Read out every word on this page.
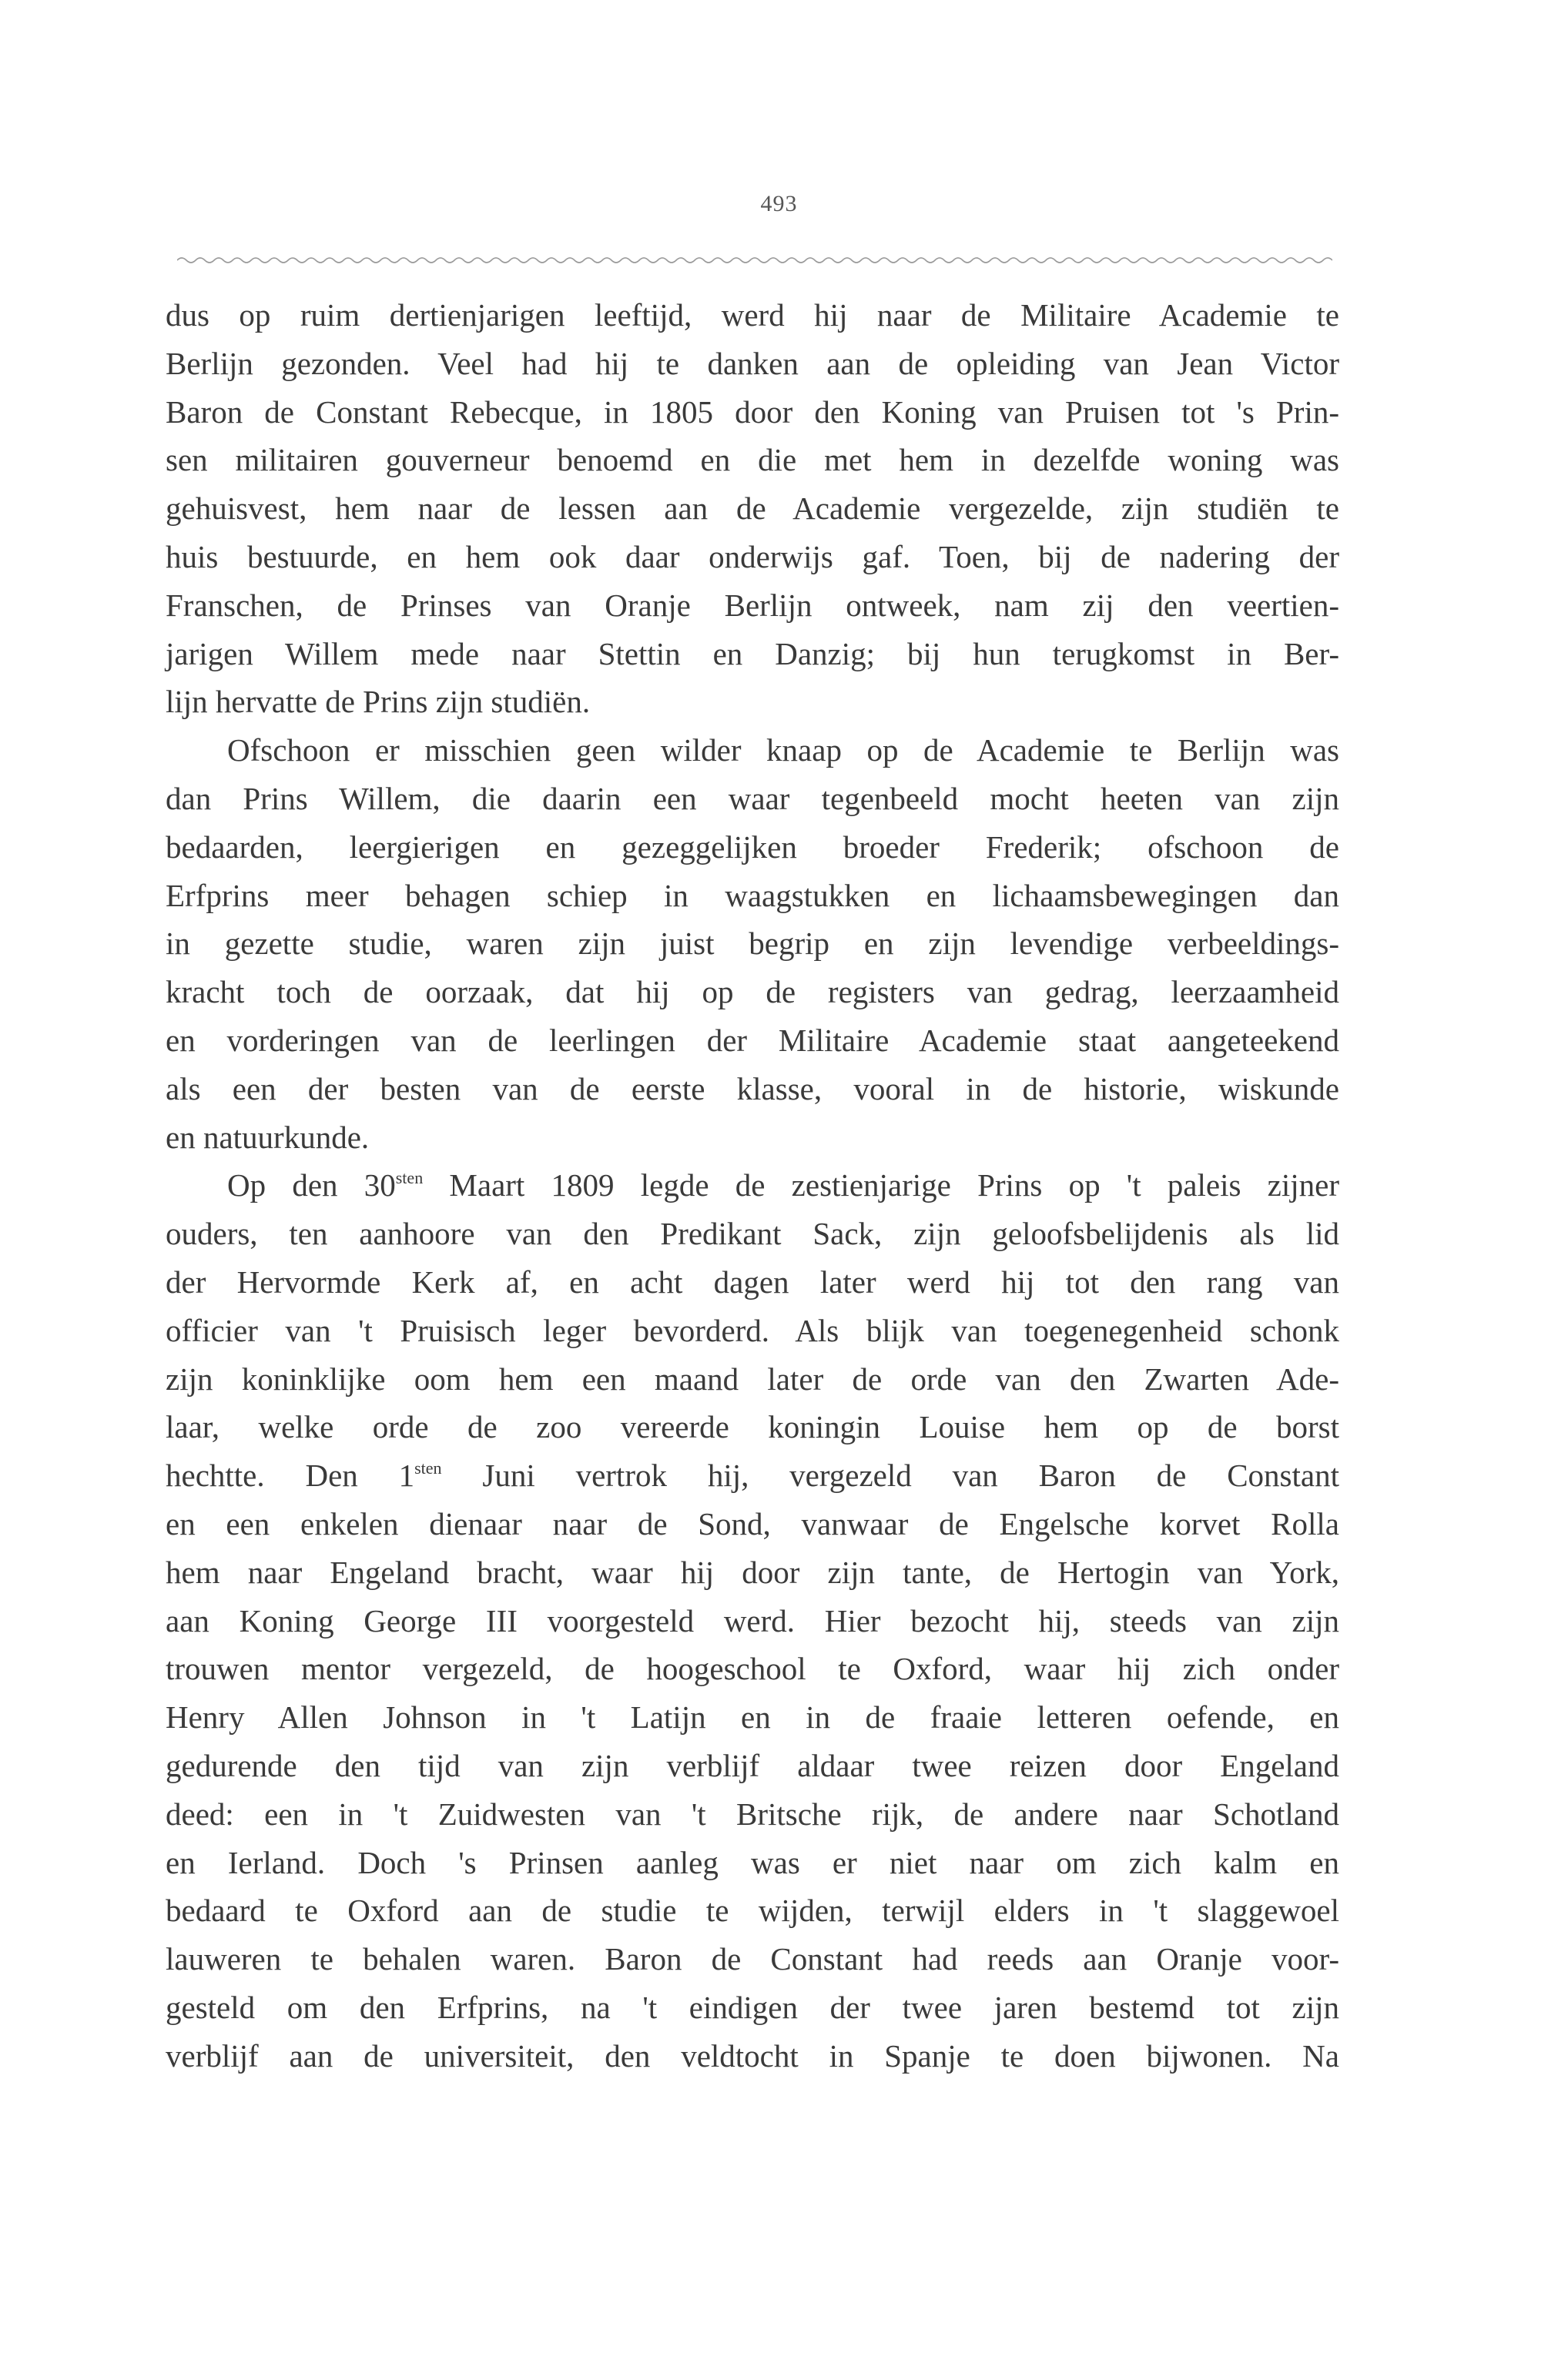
493
dus op ruim dertienjarigen leeftijd, werd hij naar de Militaire Academie te
Berlijn gezonden. Veel had hij te danken aan de opleiding van Jean Victor
Baron de Constant Rebecque, in 1805 door den Koning van Pruisen tot 's Prin-
sen militairen gouverneur benoemd en die met hem in dezelfde woning was
gehuisvest, hem naar de lessen aan de Academie vergezelde, zijn studiën te
huis bestuurde, en hem ook daar onderwijs gaf. Toen, bij de nadering der
Franschen, de Prinses van Oranje Berlijn ontweek, nam zij den veertien-
jarigen Willem mede naar Stettin en Danzig; bij hun terugkomst in Ber-
lijn hervatte de Prins zijn studiën.
Ofschoon er misschien geen wilder knaap op de Academie te Berlijn was
dan Prins Willem, die daarin een waar tegenbeeld mocht heeten van zijn
bedaarden, leergierigen en gezeggelijken broeder Frederik; ofschoon de
Erfprins meer behagen schiep in waagstukken en lichaamsbewegingen dan
in gezette studie, waren zijn juist begrip en zijn levendige verbeeldings-
kracht toch de oorzaak, dat hij op de registers van gedrag, leerzaamheid
en vorderingen van de leerlingen der Militaire Academie staat aangeteekend
als een der besten van de eerste klasse, vooral in de historie, wiskunde
en natuurkunde.
Op den $30^{sten}$ Maart 1809 legde de zestienjarige Prins op 't paleis zijner
ouders, ten aanhoore van den Predikant Sack, zijn geloofsbelijdenis als lid
der Hervormde Kerk af, en acht dagen later werd hij tot den rang van
officier van 't Pruisisch leger bevorderd. Als blijk van toegenegenheid schonk
zijn koninklijke oom hem een maand later de orde van den Zwarten Ade-
laar, welke orde de zoo vereerde koningin Louise hem op de borst
hechtte. Den $1^{sten}$ Juni vertrok hij, vergezeld van Baron de Constant
en een enkelen dienaar naar de Sond, vanwaar de Engelsche korvet Rolla
hem naar Engeland bracht, waar hij door zijn tante, de Hertogin van York,
aan Koning George III voorgesteld werd. Hier bezocht hij, steeds van zijn
trouwen mentor vergezeld, de hoogeschool te Oxford, waar hij zich onder
Henry Allen Johnson in 't Latijn en in de fraaie letteren oefende, en
gedurende den tijd van zijn verblijf aldaar twee reizen door Engeland
deed: een in 't Zuidwesten van 't Britsche rijk, de andere naar Schotland
en Ierland. Doch 's Prinsen aanleg was er niet naar om zich kalm en
bedaard te Oxford aan de studie te wijden, terwijl elders in 't slaggewoel
lauweren te behalen waren. Baron de Constant had reeds aan Oranje voor-
gesteld om den Erfprins, na 't eindigen der twee jaren bestemd tot zijn
verblijf aan de universiteit, den veldtocht in Spanje te doen bijwonen. Na
